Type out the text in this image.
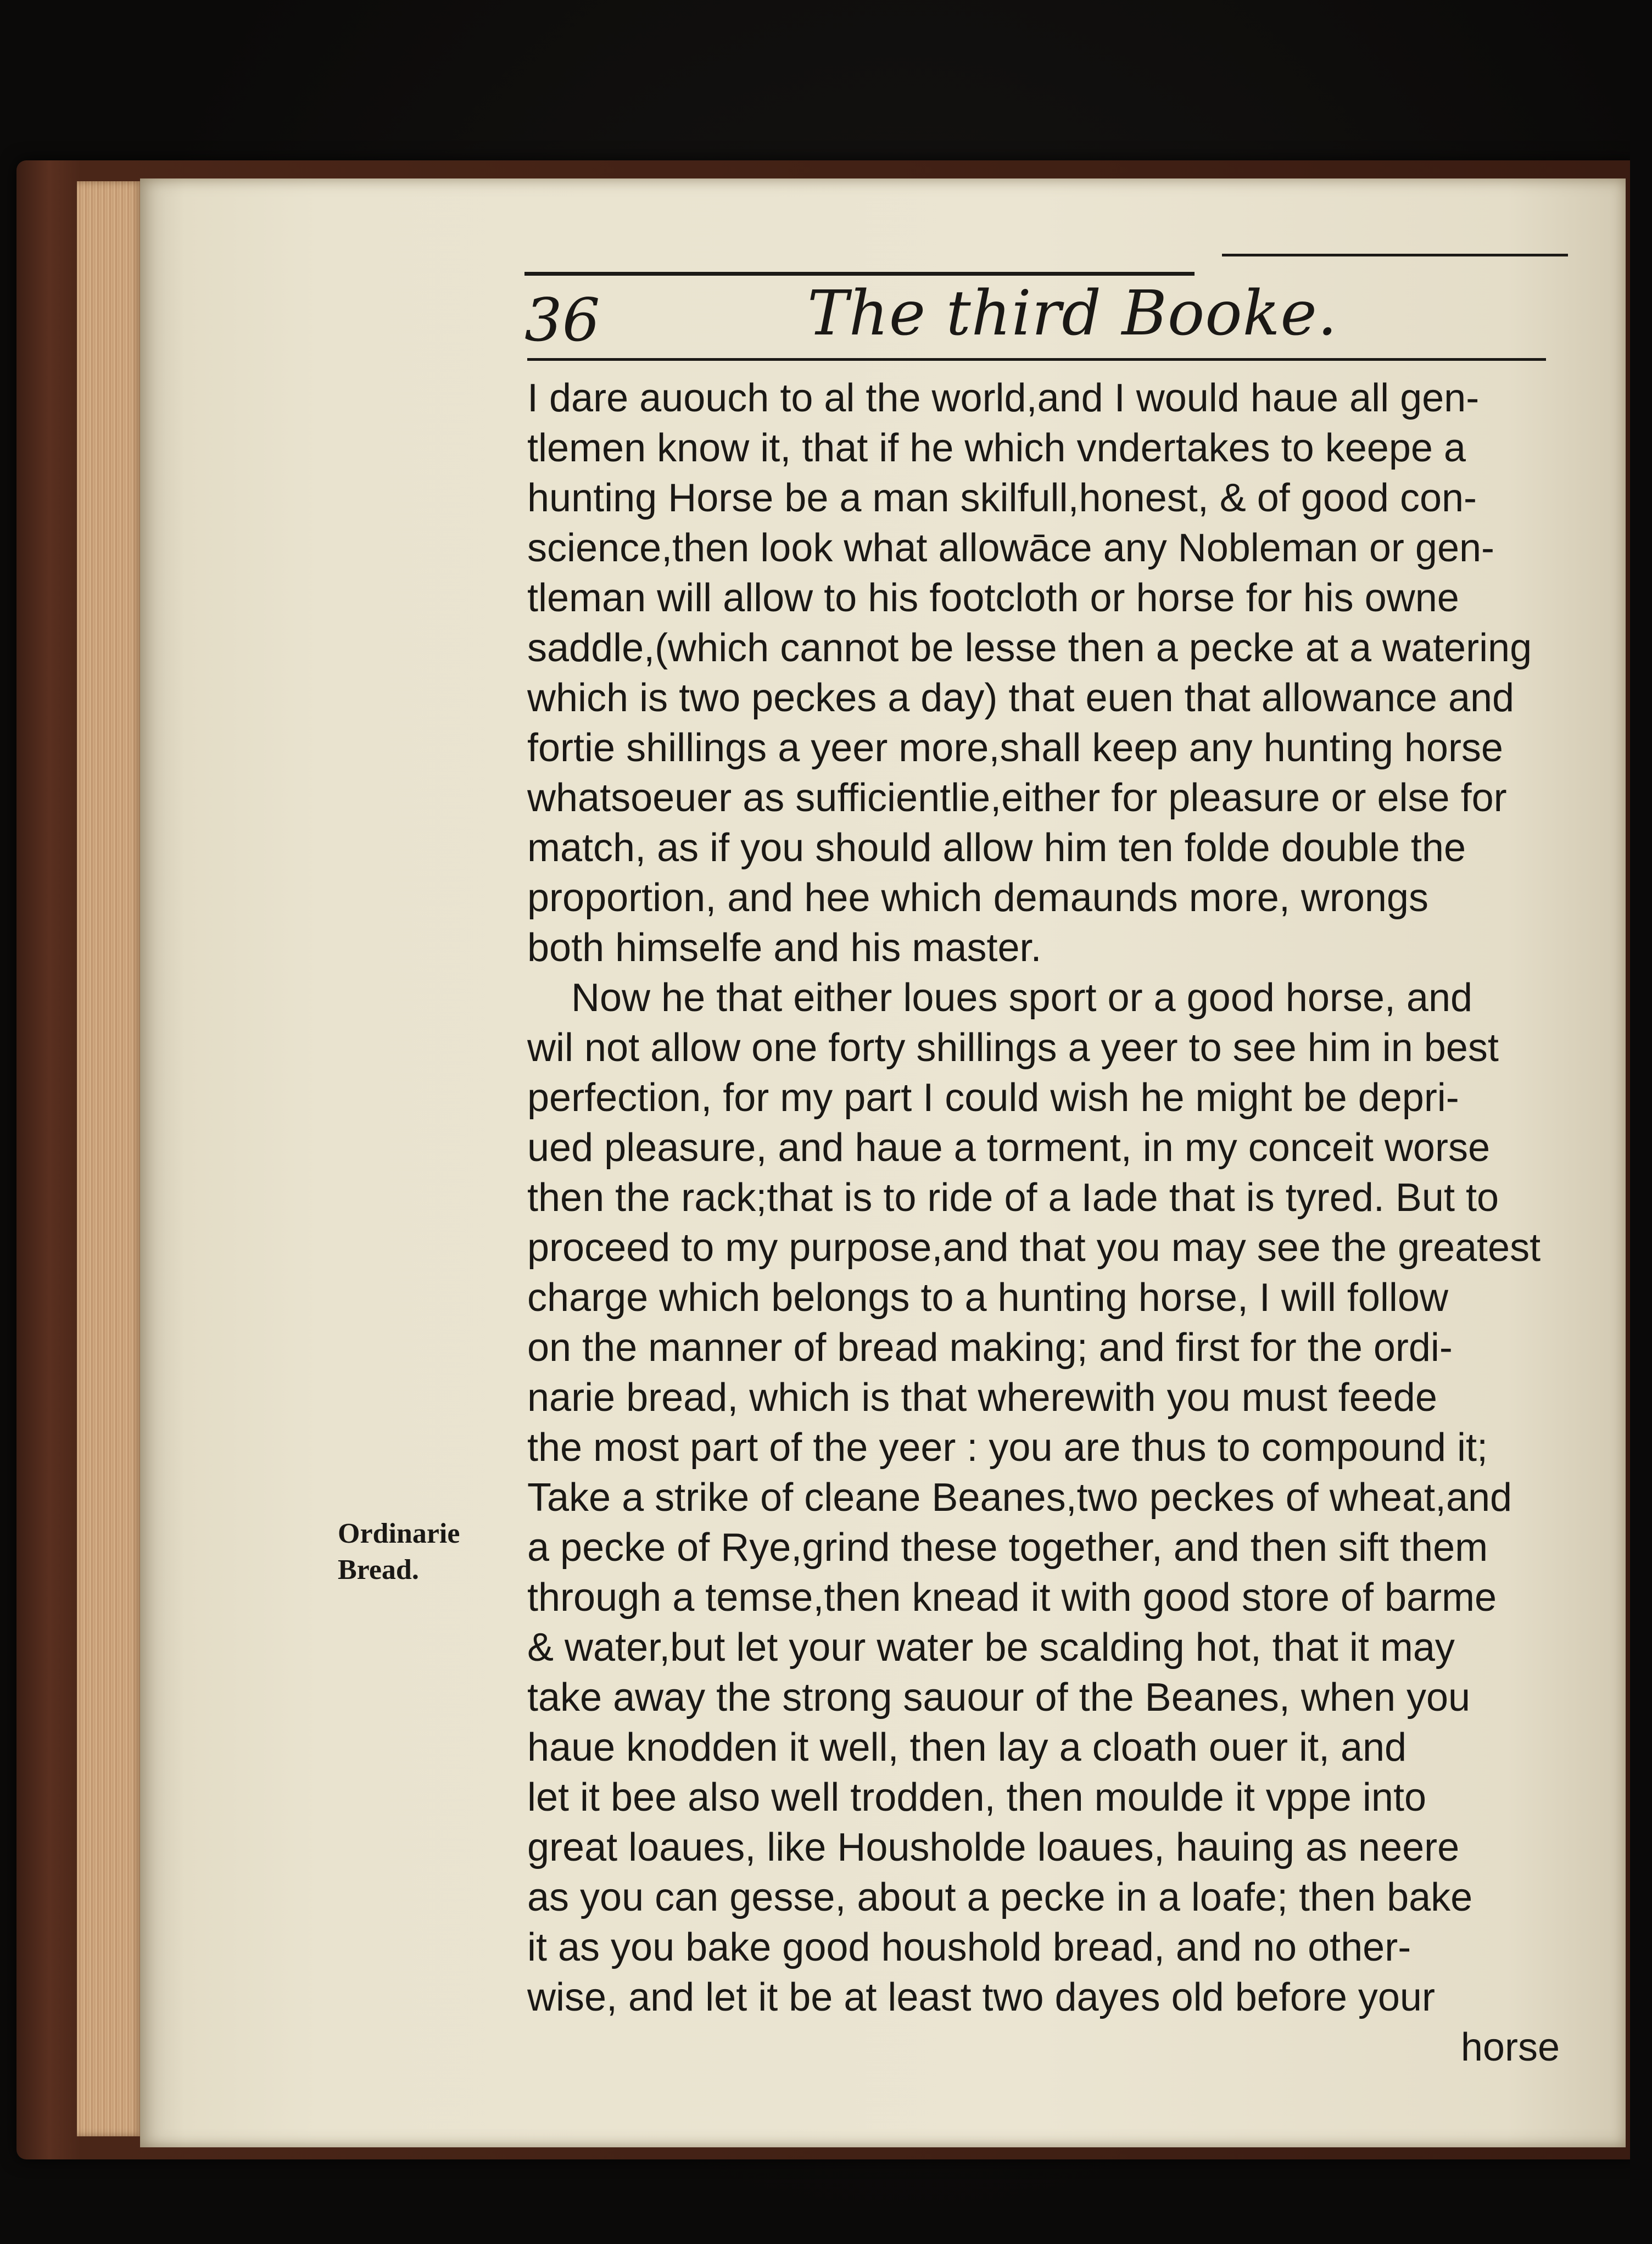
36	The third Booke.
Ordinarie
Bread.
I dare auouch to al the world,and I would haue all gen-
tlemen know it, that if he which vndertakes to keepe a
hunting Horse be a man skilfull,honest, & of good con-
science,then look what allowāce any Nobleman or gen-
tleman will allow to his footcloth or horse for his owne
saddle,(which cannot be lesse then a pecke at a watering
which is two peckes a day) that euen that allowance and
fortie shillings a yeer more,shall keep any hunting horse
whatsoeuer as sufficientlie,either for pleasure or else for
match, as if you should allow him ten folde double the
proportion, and hee which demaunds more, wrongs
both himselfe and his master.
Now he that either loues sport or a good horse, and
wil not allow one forty shillings a yeer to see him in best
perfection, for my part I could wish he might be depri-
ued pleasure, and haue a torment, in my conceit worse
then the rack;that is to ride of a Iade that is tyred. But to
proceed to my purpose,and that you may see the greatest
charge which belongs to a hunting horse, I will follow
on the manner of bread making; and first for the ordi-
narie bread, which is that wherewith you must feede
the most part of the yeer : you are thus to compound it;
Take a strike of cleane Beanes,two peckes of wheat,and
a pecke of Rye,grind these together, and then sift them
through a temse,then knead it with good store of barme
& water,but let your water be scalding hot, that it may
take away the strong sauour of the Beanes, when you
haue knodden it well, then lay a cloath ouer it, and
let it bee also well trodden, then moulde it vppe into
great loaues, like Housholde loaues, hauing as neere
as you can gesse, about a pecke in a loafe; then bake
it as you bake good houshold bread, and no other-
wise, and let it be at least two dayes old before your
horse
